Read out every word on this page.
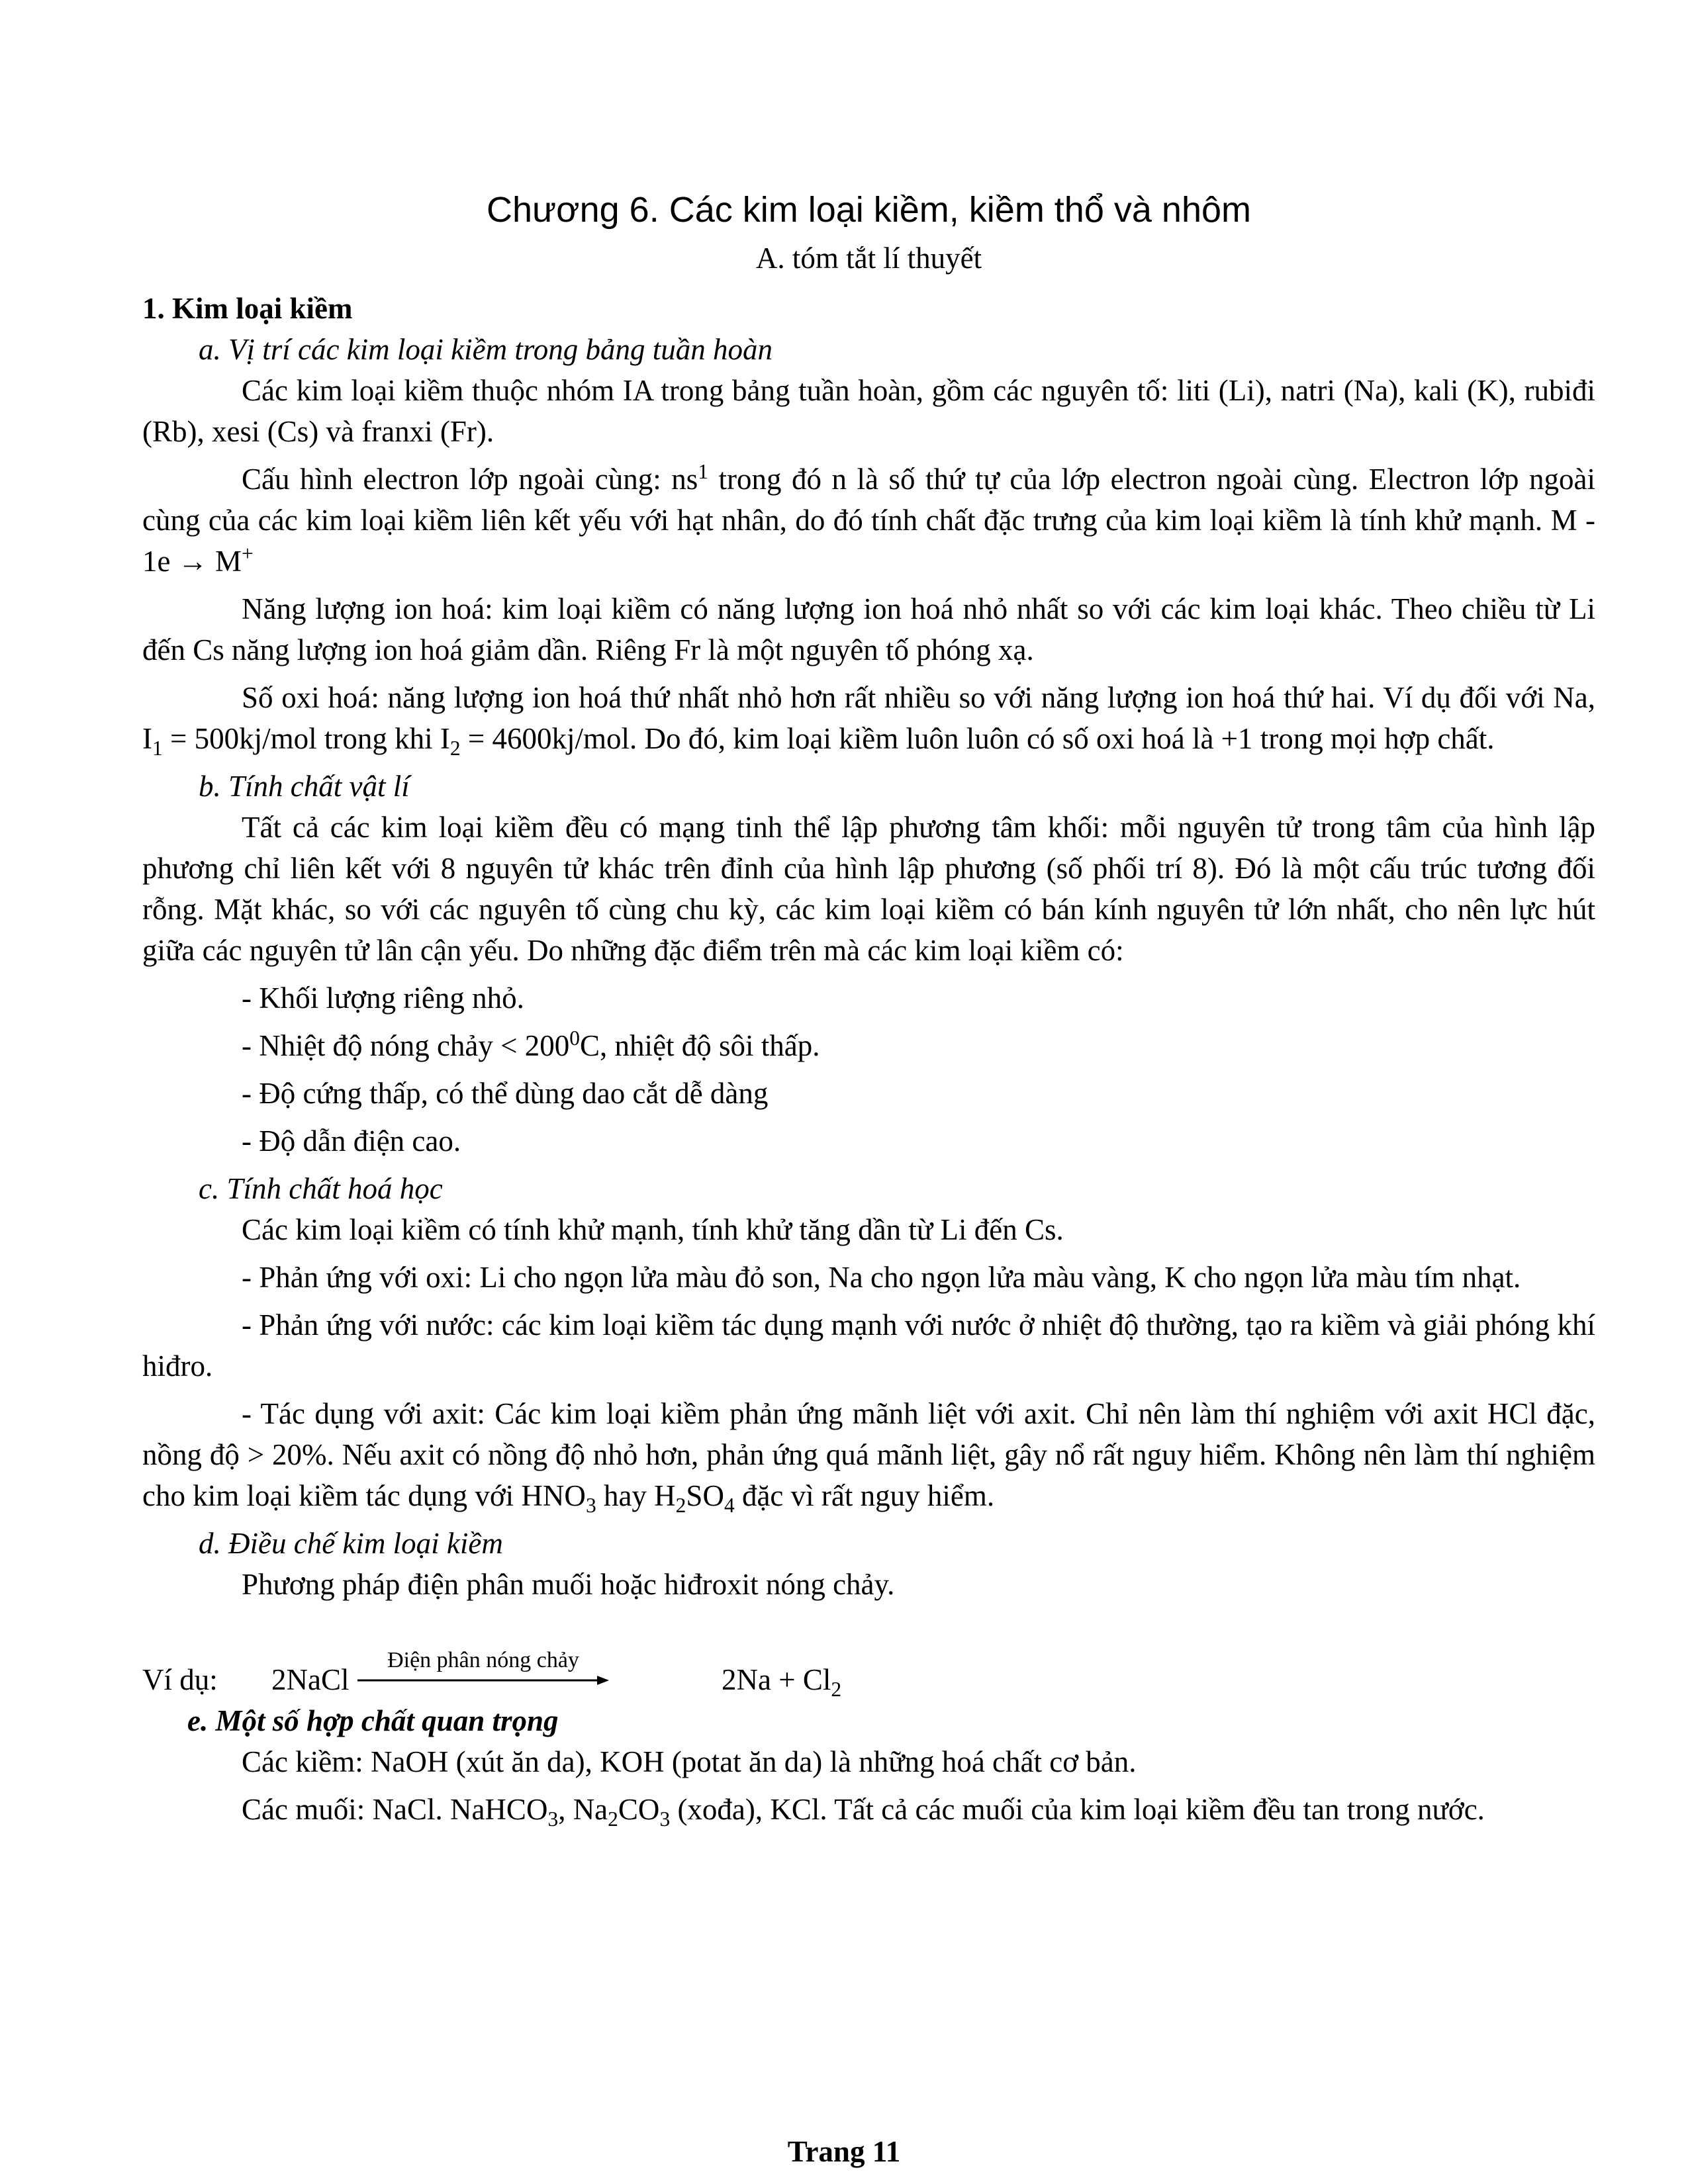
Chương 6. Các kim loại kiềm, kiềm thổ và nhôm
A. tóm tắt lí thuyết
1. Kim loại kiềm
a. Vị trí các kim loại kiềm trong bảng tuần hoàn

Các kim loại kiềm thuộc nhóm IA trong bảng tuần hoàn, gồm các nguyên tố: liti (Li), natri (Na), kali (K), rubiđi (Rb), xesi (Cs) và franxi (Fr).

Cấu hình electron lớp ngoài cùng: $ns^1$ trong đó n là số thứ tự của lớp electron ngoài cùng. Electron lớp ngoài cùng của các kim loại kiềm liên kết yếu với hạt nhân, do đó tính chất đặc trưng của kim loại kiềm là tính khử mạnh. M - 1e → M+

Năng lượng ion hoá: kim loại kiềm có năng lượng ion hoá nhỏ nhất so với các kim loại khác. Theo chiều từ Li đến Cs năng lượng ion hoá giảm dần. Riêng Fr là một nguyên tố phóng xạ.

Số oxi hoá: năng lượng ion hoá thứ nhất nhỏ hơn rất nhiều so với năng lượng ion hoá thứ hai. Ví dụ đối với Na, $I_1 = 500kj/mol$ trong khi $I_2 = 4600kj/mol$. Do đó, kim loại kiềm luôn luôn có số oxi hoá là +1 trong mọi hợp chất.

b. Tính chất vật lí

Tất cả các kim loại kiềm đều có mạng tinh thể lập phương tâm khối: mỗi nguyên tử trong tâm của hình lập phương chỉ liên kết với 8 nguyên tử khác trên đỉnh của hình lập phương (số phối trí 8). Đó là một cấu trúc tương đối rỗng. Mặt khác, so với các nguyên tố cùng chu kỳ, các kim loại kiềm có bán kính nguyên tử lớn nhất, cho nên lực hút giữa các nguyên tử lân cận yếu. Do những đặc điểm trên mà các kim loại kiềm có:

- Khối lượng riêng nhỏ.

- Nhiệt độ nóng chảy < $200^0C$, nhiệt độ sôi thấp.

- Độ cứng thấp, có thể dùng dao cắt dễ dàng

- Độ dẫn điện cao.

c. Tính chất hoá học

Các kim loại kiềm có tính khử mạnh, tính khử tăng dần từ Li đến Cs.

- Phản ứng với oxi: Li cho ngọn lửa màu đỏ son, Na cho ngọn lửa màu vàng, K cho ngọn lửa màu tím nhạt.

- Phản ứng với nước: các kim loại kiềm tác dụng mạnh với nước ở nhiệt độ thường, tạo ra kiềm và giải phóng khí hiđro.

- Tác dụng với axit: Các kim loại kiềm phản ứng mãnh liệt với axit. Chỉ nên làm thí nghiệm với axit HCl đặc, nồng độ > 20%. Nếu axit có nồng độ nhỏ hơn, phản ứng quá mãnh liệt, gây nổ rất nguy hiểm. Không nên làm thí nghiệm cho kim loại kiềm tác dụng với $HNO_3$ hay $H_2SO_4$ đặc vì rất nguy hiểm.

d. Điều chế kim loại kiềm

Phương pháp điện phân muối hoặc hiđroxit nóng chảy.

Ví dụ: 2NaCl
Điện phân nóng chảy
$2Na + Cl_2$
e. Một số hợp chất quan trọng

Các kiềm: NaOH (xút ăn da), KOH (potat ăn da) là những hoá chất cơ bản.

Các muối: NaCl. NaHCO$_3$, $Na_2CO_3$ (xođa), KCl. Tất cả các muối của kim loại kiềm đều tan trong nước.

Trang 11
